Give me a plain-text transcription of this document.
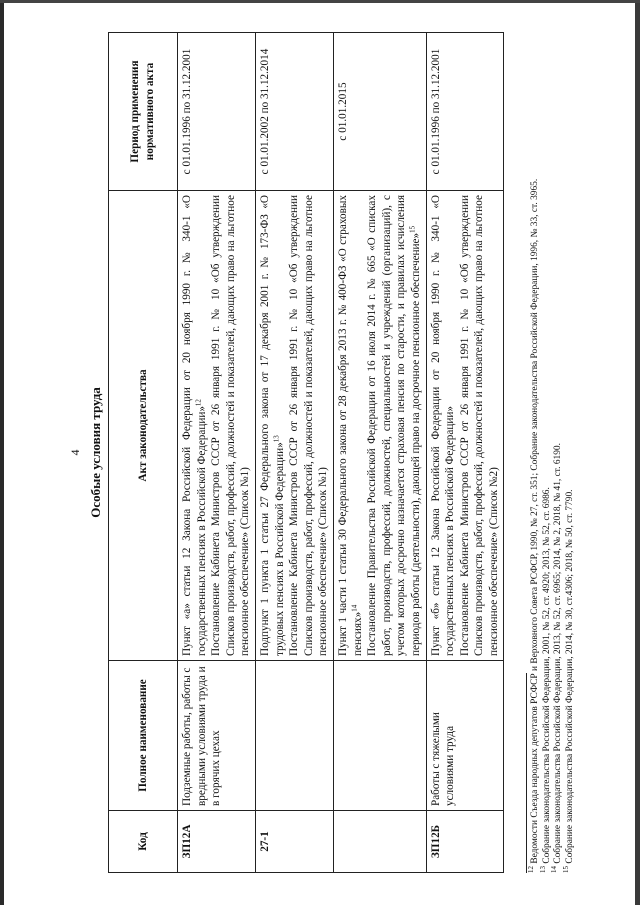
4 Особые условия труда
Код	Полное наименование	Акт законодательства	Период применения нормативного акта
ЗП12А	Подземные работы, работы с вредными условиями труда и в горячих цехах	Пункт «а» статьи 12 Закона Российской Федерации от 20 ноября 1990 г. № 340-1 «О государственных пенсиях в Российской Федерации»$^{12}$ Постановление Кабинета Министров СССР от 26 января 1991 г. № 10 «Об утверждении Списков производств, работ, профессий, должностей и показателей, дающих право на льготное пенсионное обеспечение» (Список №1)	с 01.01.1996 по 31.12.2001
27-1		Подпункт 1 пункта 1 статьи 27 Федерального закона от 17 декабря 2001 г. № 173-ФЗ «О трудовых пенсиях в Российской Федерации»$^{13}$ Постановление Кабинета Министров СССР от 26 января 1991 г. № 10 «Об утверждении Списков производств, работ, профессий, должностей и показателей, дающих право на льготное пенсионное обеспечение» (Список №1)	с 01.01.2002 по 31.12.2014

		Пункт 1 части 1 статьи 30 Федерального закона от 28 декабря 2013 г. № 400-ФЗ «О страховых пенсиях»$^{14}$ Постановление Правительства Российской Федерации от 16 июля 2014 г. № 665 «О списках работ, производств, профессий, должностей, специальностей и учреждений (организаций), с учетом которых досрочно назначается страховая пенсия по старости, и правилах исчисления периодов работы (деятельности), дающей право на досрочное пенсионное обеспечение»$^{15}$	с 01.01.2015
ЗП12Б	Работы с тяжелыми условиями труда	Пункт «б» статьи 12 Закона Российской Федерации от 20 ноября 1990 г. № 340-1 «О государственных пенсиях в Российской Федерации» Постановление Кабинета Министров СССР от 26 января 1991 г. № 10 «Об утверждении Списков производств, работ, профессий, должностей и показателей, дающих право на льготное пенсионное обеспечение» (Список №2)	с 01.01.1996 по 31.12.2001
$^{12}$ Ведомости Съезда народных депутатов РСФСР и Верховного Совета РСФСР, 1990, № 27, ст. 351; Собрание законодательства Российской Федерации, 1996, № 33, ст. 3965.
$^{13}$ Собрание законодательства Российской Федерации, 2001, № 52, ст. 4920; 2013, № 52, ст. 6986.
$^{14}$ Собрание законодательства Российской Федерации, 2013, № 52, ст. 6965; 2014, № 2, 2018, № 41, ст. 6190.
$^{15}$ Собрание законодательства Российской Федерации, 2014, № 30, ст.4306; 2018, № 50, ст. 7790.
